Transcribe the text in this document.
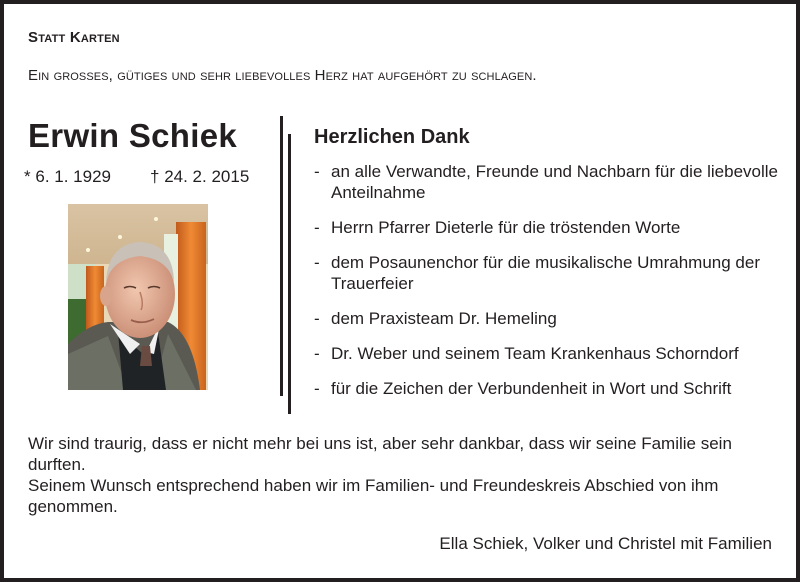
Statt Karten
Ein grosses, gütiges und sehr liebevolles Herz hat aufgehört zu schlagen.
Erwin Schiek
* 6. 1. 1929 † 24. 2. 2015
Herzlichen Dank
- an alle Verwandte, Freunde und Nachbarn für die liebevolle Anteilnahme
- Herrn Pfarrer Dieterle für die tröstenden Worte
- dem Posaunenchor für die musikalische Umrahmung der Trauerfeier
- dem Praxisteam Dr. Hemeling
- Dr. Weber und seinem Team Krankenhaus Schorndorf
- für die Zeichen der Verbundenheit in Wort und Schrift

Wir sind traurig, dass er nicht mehr bei uns ist, aber sehr dankbar, dass wir seine Familie sein durften.

Seinem Wunsch entsprechend haben wir im Familien- und Freundeskreis Abschied von ihm genommen.

Ella Schiek, Volker und Christel mit Familien
